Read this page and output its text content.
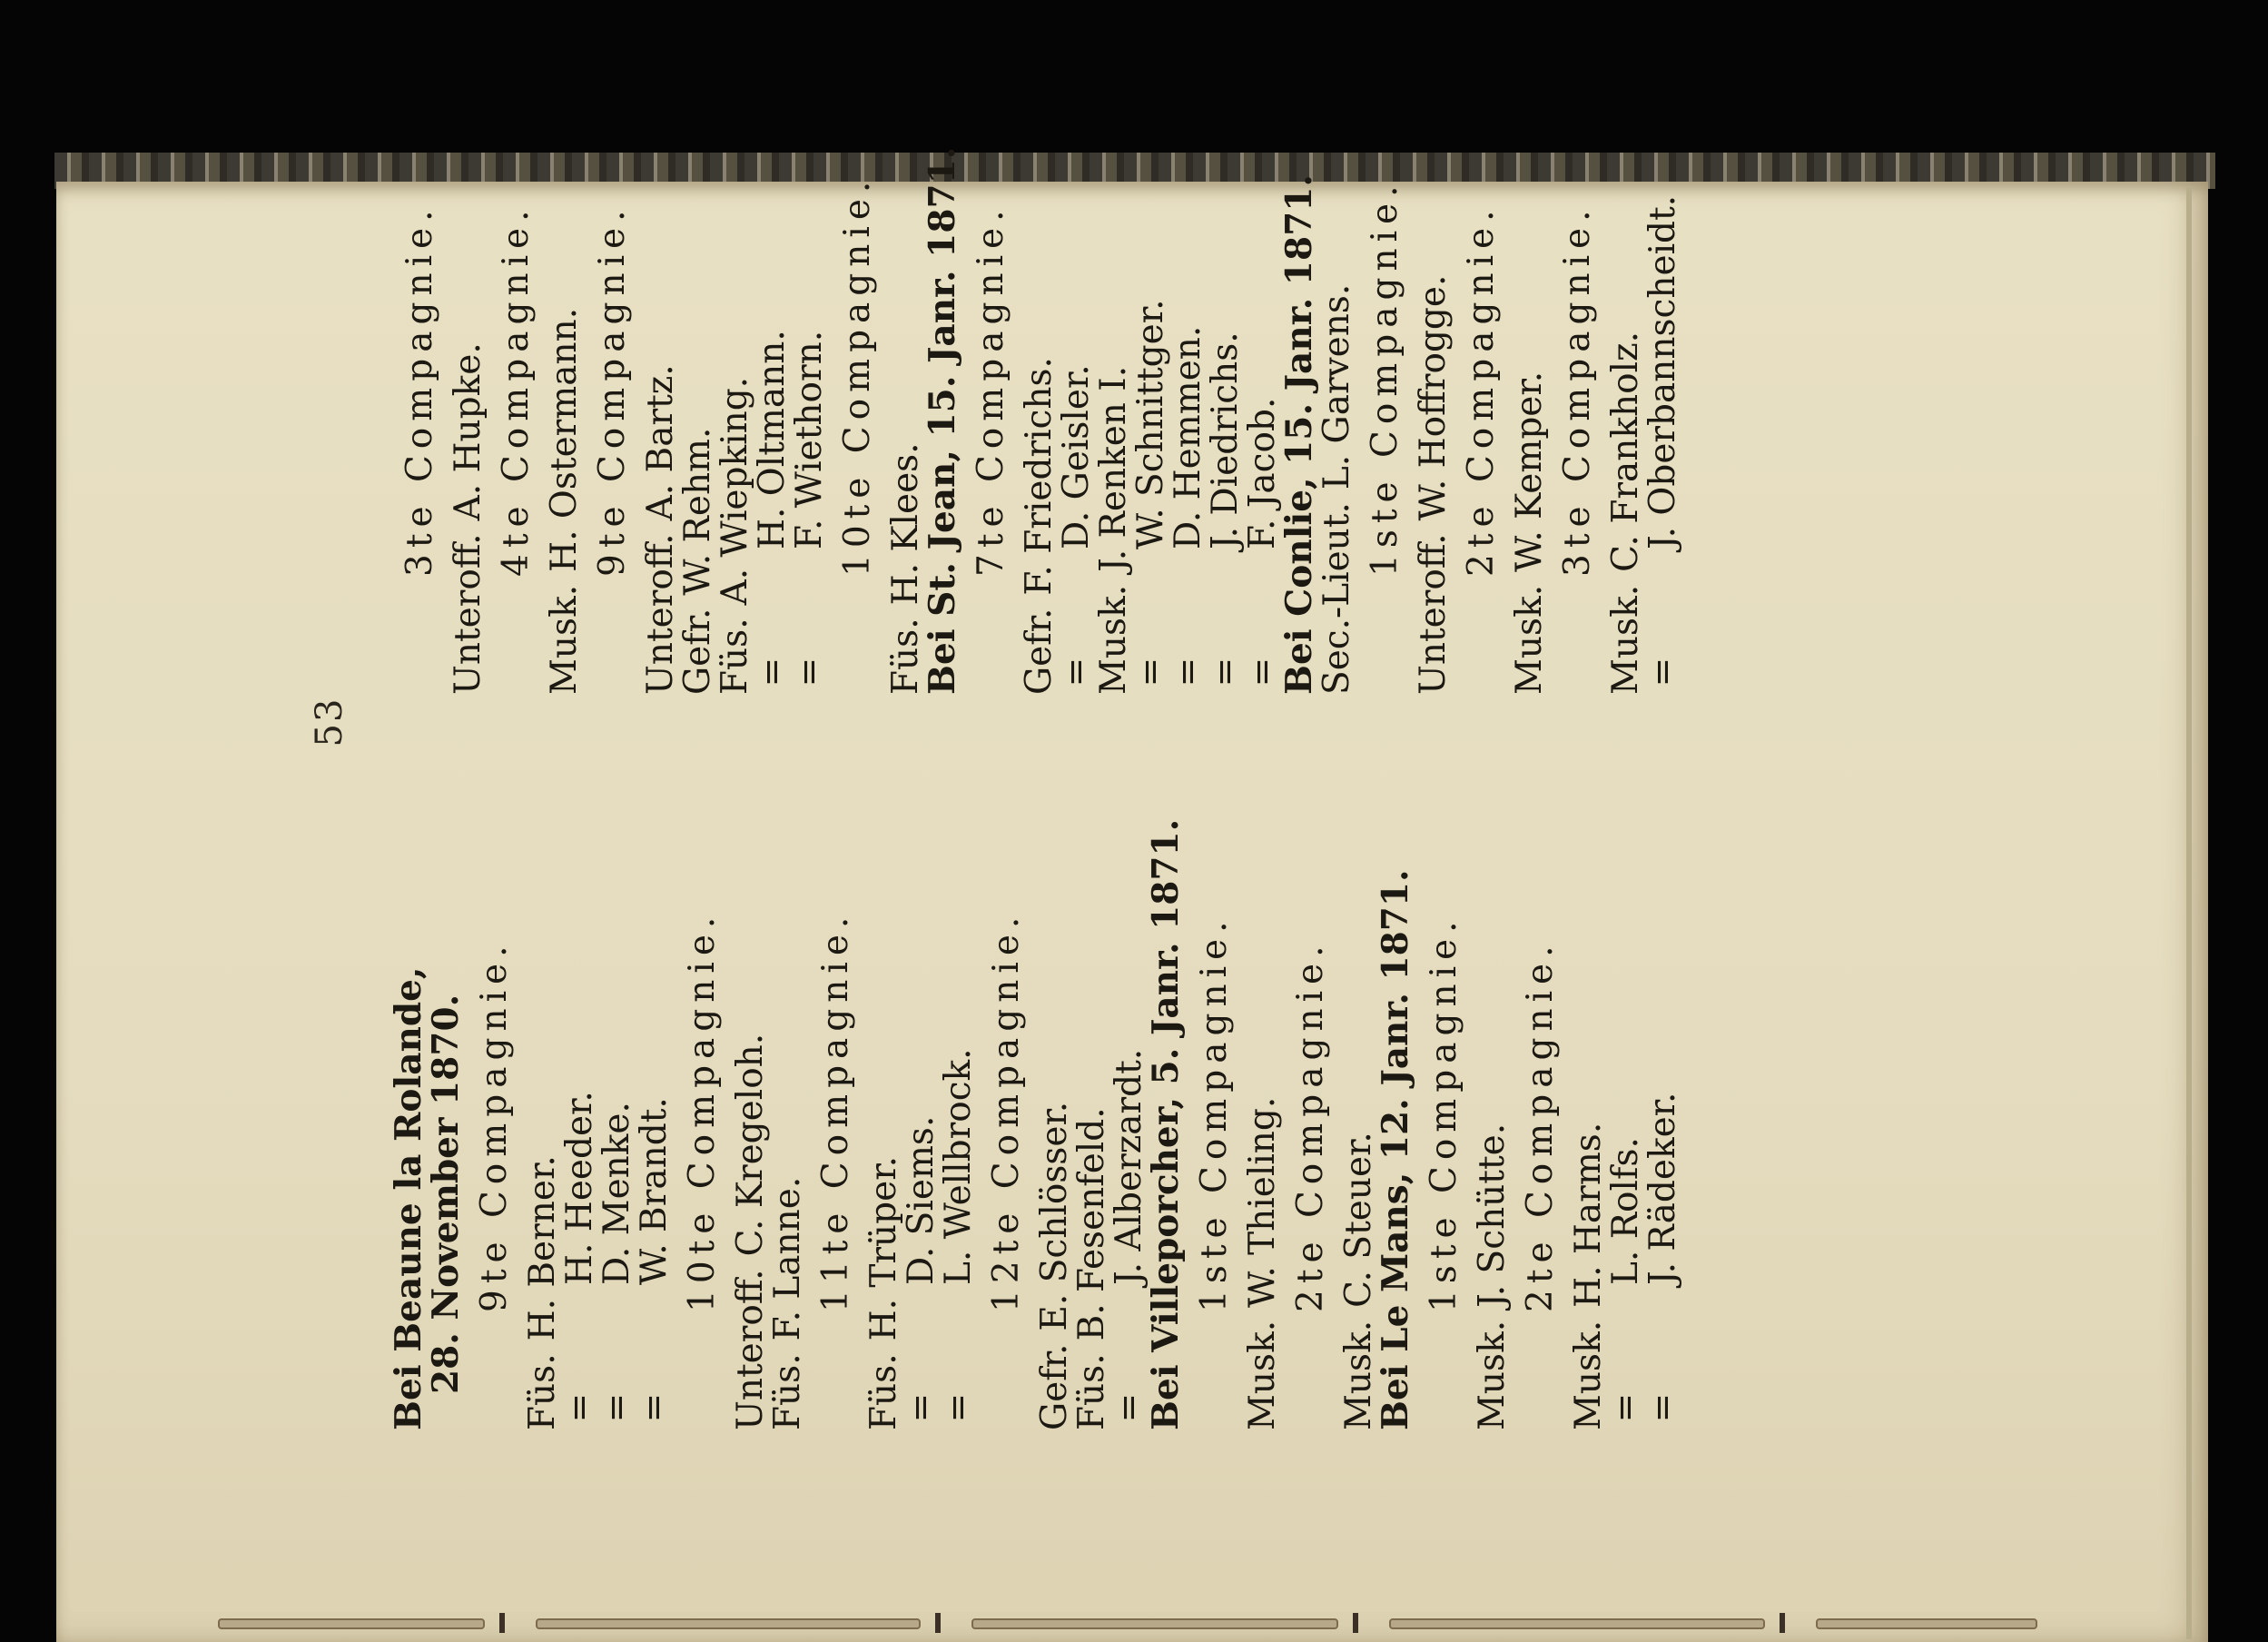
53
Bei Beaune la Rolande,
28. November 1870. 9te Compagnie.
Füs.H. Berner.
=H. Heeder.
=D. Menke.
=W. Brandt. 10te Compagnie.
Unteroff.C. Kregeloh.
Füs.F. Lanne. 11te Compagnie.
Füs.H. Trüper.
=D. Siems.
=L. Wellbrock. 12te Compagnie.
Gefr.E. Schlösser.
Füs.B. Fesenfeld.
=J. Alberzardt.
Bei Villeporcher, 5. Janr. 1871. 1ste Compagnie.
Musk.W. Thieling. 2te Compagnie.
Musk.C. Steuer.
Bei Le Mans, 12. Janr. 1871. 1ste Compagnie.
Musk.J. Schütte. 2te Compagnie.
Musk.H. Harms.
=L. Rolfs.
=J. Rädeker.
3te Compagnie.
Unteroff.A. Hupke. 4te Compagnie.
Musk.H. Ostermann. 9te Compagnie.
Unteroff.A. Bartz.
Gefr.W. Rehm.
Füs.A. Wiepking.
=H. Oltmann.
=F. Wiethorn. 10te Compagnie.
Füs.H. Klees.
Bei St. Jean, 15. Janr. 1871. 7te Compagnie.
Gefr.F. Friedrichs.
=D. Geisler.
Musk.J. Renken I.
=W. Schnittger.
=D. Hemmen.
=J. Diedrichs.
=F. Jacob.
Bei Conlie, 15. Janr. 1871.
Sec.-Lieut.L. Garvens. 1ste Compagnie.
Unteroff.W. Hoffrogge. 2te Compagnie.
Musk.W. Kemper. 3te Compagnie.
Musk.C. Frankholz.
=J. Oberbannscheidt.
